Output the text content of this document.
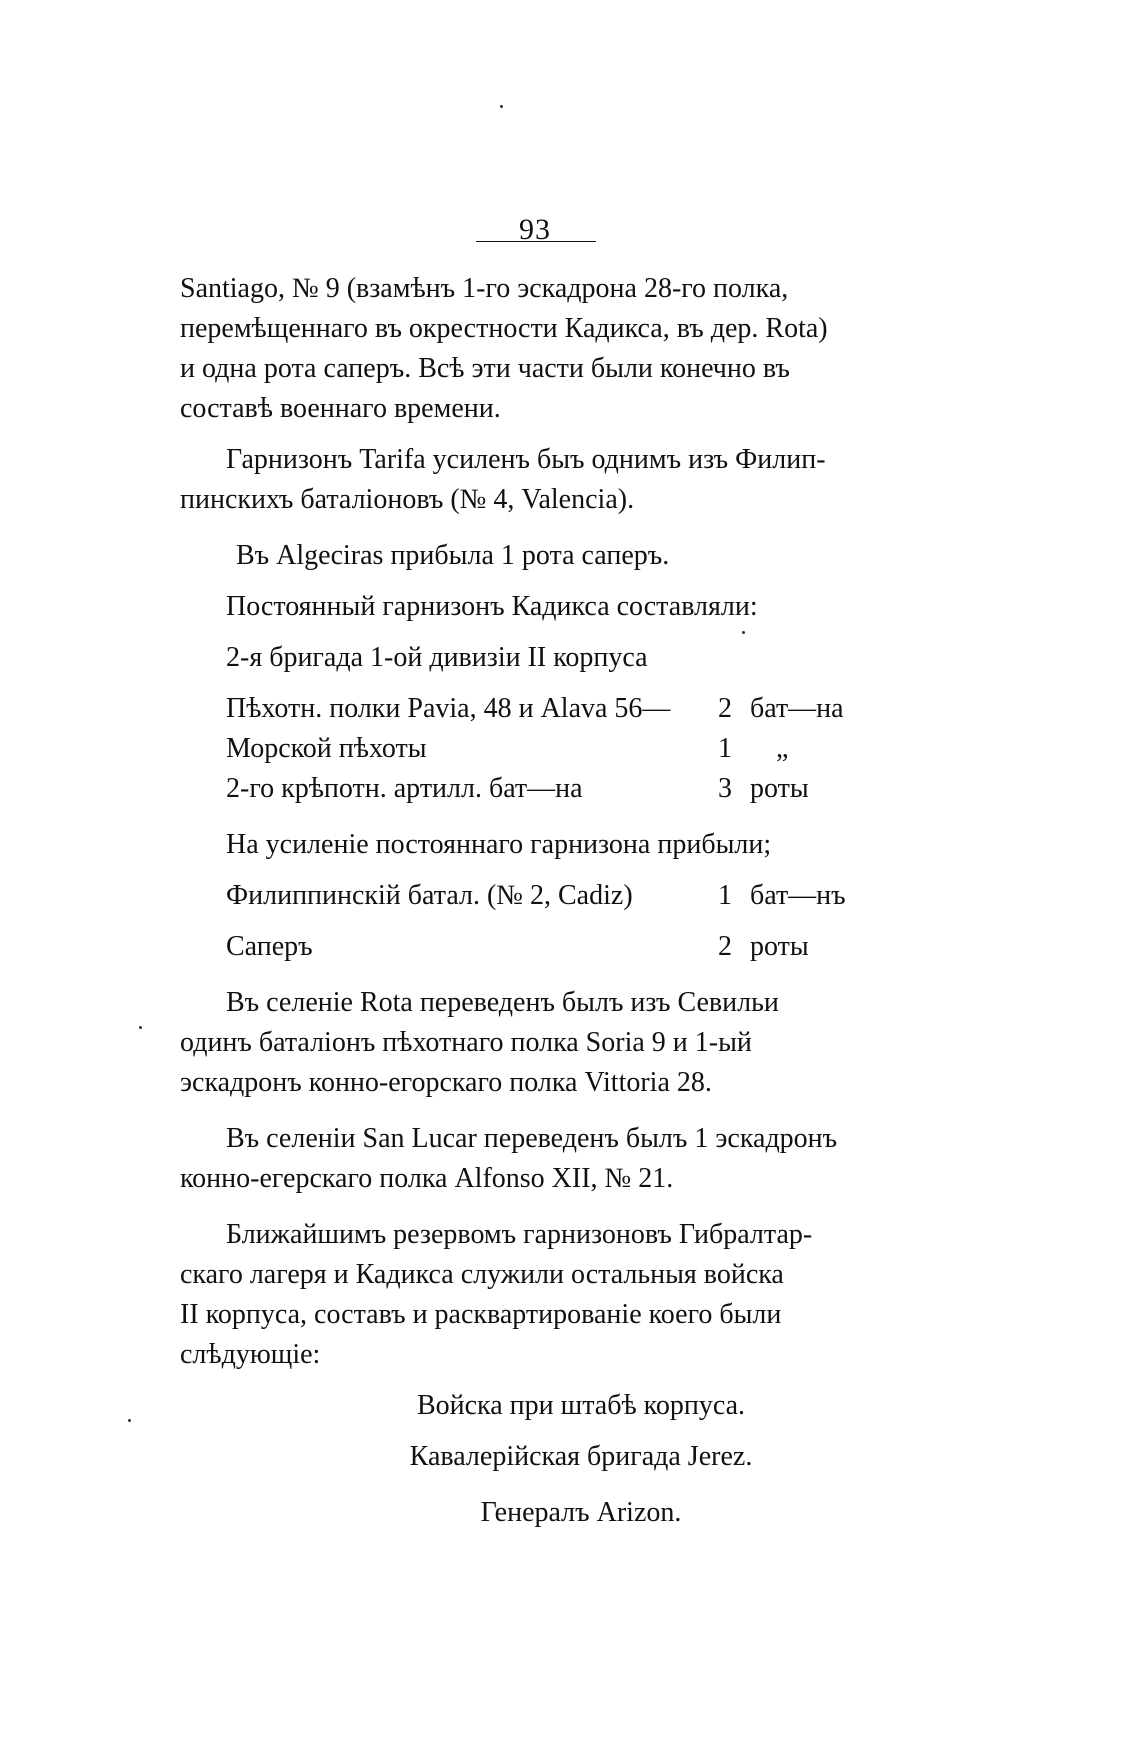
93

Santiago, № 9 (взамѣнъ 1-го эскадрона 28-го полка,
перемѣщеннаго въ окрестности Кадикса, въ дер. Rota)
и одна рота саперъ. Всѣ эти части были конечно въ
составѣ военнаго времени.

Гарнизонъ Tarifa усиленъ быъ однимъ изъ Филип-
пинскихъ баталіоновъ (№ 4, Valencia).

Въ Algeciras прибыла 1 рота саперъ.

Постоянный гарнизонъ Кадикса составляли:

2-я бригада 1-ой дивизіи II корпуса

Пѣхотн. полки Pavia, 48 и Alava 56— 2 бат—на
Морской пѣхоты	1 „
2-го крѣпотн. артилл. бат—на	3 роты

На усиленіе постояннаго гарнизона прибыли;

Филиппинскій батал. (№ 2, Cadiz)	1 бат—нъ
Саперъ	2 роты

Въ селеніе Rota переведенъ былъ изъ Севильи
одинъ баталіонъ пѣхотнаго полка Soria 9 и 1-ый
эскадронъ конно-егорскаго полка Vittoria 28.

Въ селеніи San Lucar переведенъ былъ 1 эскадронъ
конно-егерскаго полка Alfonso XII, № 21.

Ближайшимъ резервомъ гарнизоновъ Гибралтар-
скаго лагеря и Кадикса служили остальныя войска
II корпуса, составъ и расквартированіе коего были
слѣдующіе:

Войска при штабѣ корпуса.
Кавалерійская бригада Jerez.
Генералъ Arizon.
